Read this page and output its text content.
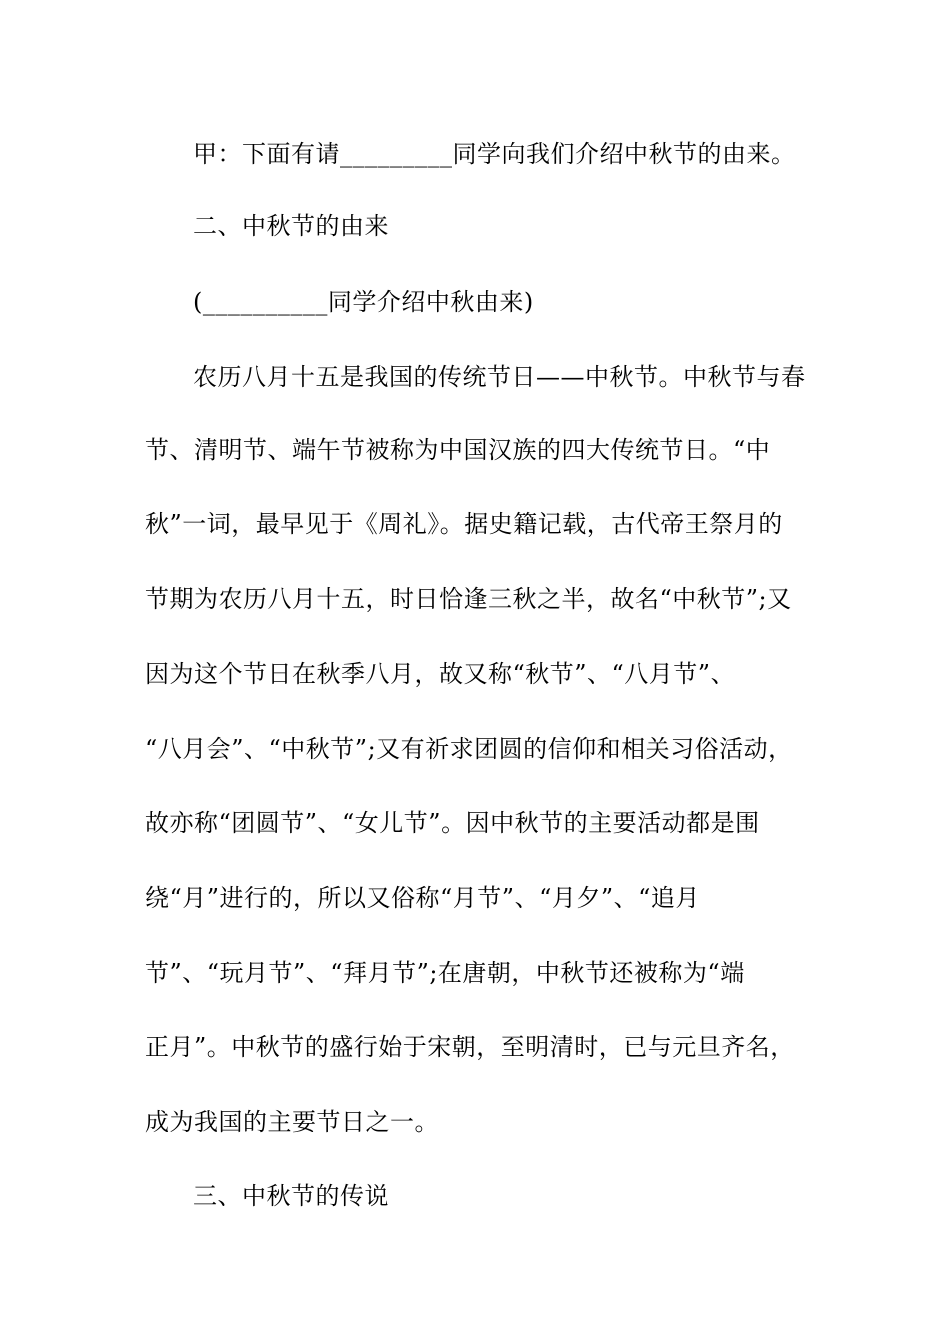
甲：下面有请_________同学向我们介绍中秋节的由来。
二、中秋节的由来
(__________同学介绍中秋由来)
农历八月十五是我国的传统节日——中秋节。中秋节与春
节、清明节、端午节被称为中国汉族的四大传统节日。“中
秋”一词，最早见于《周礼》。据史籍记载，古代帝王祭月的
节期为农历八月十五，时日恰逢三秋之半，故名“中秋节”;又
因为这个节日在秋季八月，故又称“秋节”、“八月节”、
“八月会”、“中秋节”;又有祈求团圆的信仰和相关习俗活动，
故亦称“团圆节”、“女儿节”。因中秋节的主要活动都是围
绕“月”进行的，所以又俗称“月节”、“月夕”、“追月
节”、“玩月节”、“拜月节”;在唐朝，中秋节还被称为“端
正月”。中秋节的盛行始于宋朝，至明清时，已与元旦齐名，
成为我国的主要节日之一。
三、中秋节的传说
